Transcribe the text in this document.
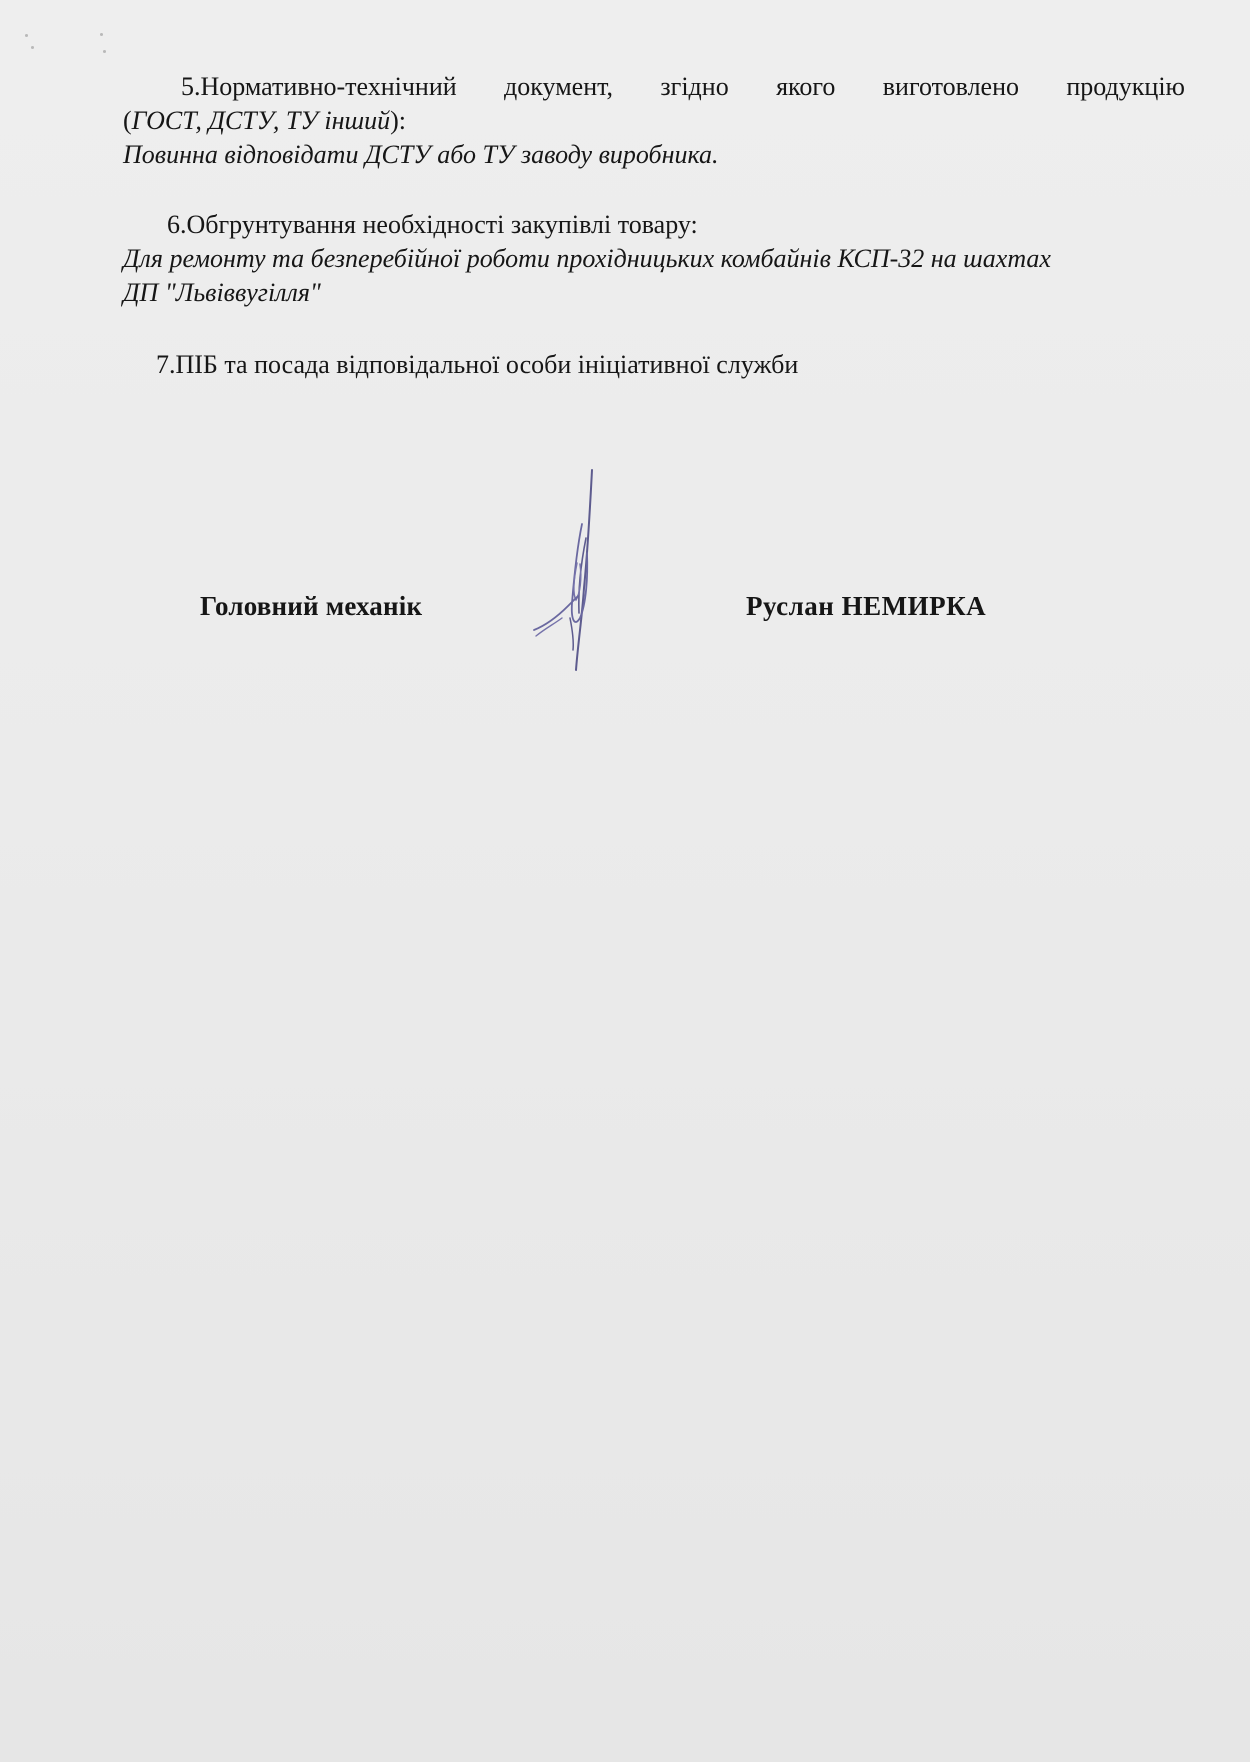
5.Нормативно-технічний документ, згідно якого виготовлено продукцію

(ГОСТ, ДСТУ, ТУ інший):

Повинна відповідати ДСТУ або ТУ заводу виробника.

6.Обгрунтування необхідності закупівлі товару:

Для ремонту та безперебійної роботи прохідницьких комбайнів КСП-32 на шахтах

ДП "Львіввугілля"

7.ПІБ та посада відповідальної особи ініціативної служби

Головний механік	Руслан НЕМИРКА
